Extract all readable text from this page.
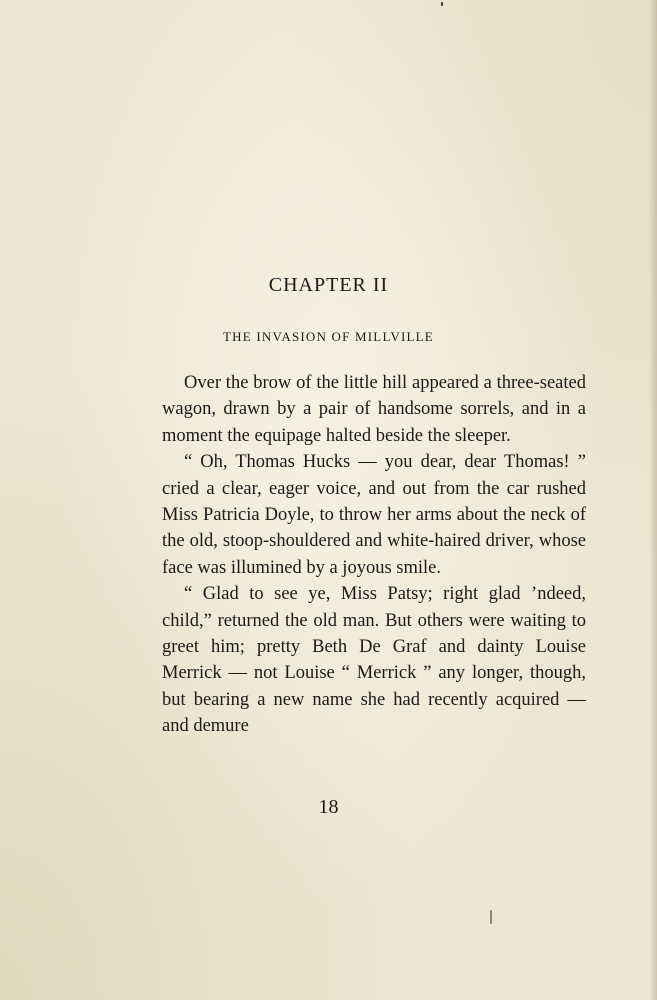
CHAPTER II
THE INVASION OF MILLVILLE

Over the brow of the little hill appeared a three-seated wagon, drawn by a pair of handsome sorrels, and in a moment the equipage halted beside the sleeper.

“ Oh, Thomas Hucks — you dear, dear Thomas! ” cried a clear, eager voice, and out from the car rushed Miss Patricia Doyle, to throw her arms about the neck of the old, stoop-shouldered and white-haired driver, whose face was illumined by a joyous smile.

“ Glad to see ye, Miss Patsy; right glad ’ndeed, child,” returned the old man. But others were waiting to greet him; pretty Beth De Graf and dainty Louise Merrick — not Louise “ Merrick ” any longer, though, but bearing a new name she had recently acquired — and demure

18
